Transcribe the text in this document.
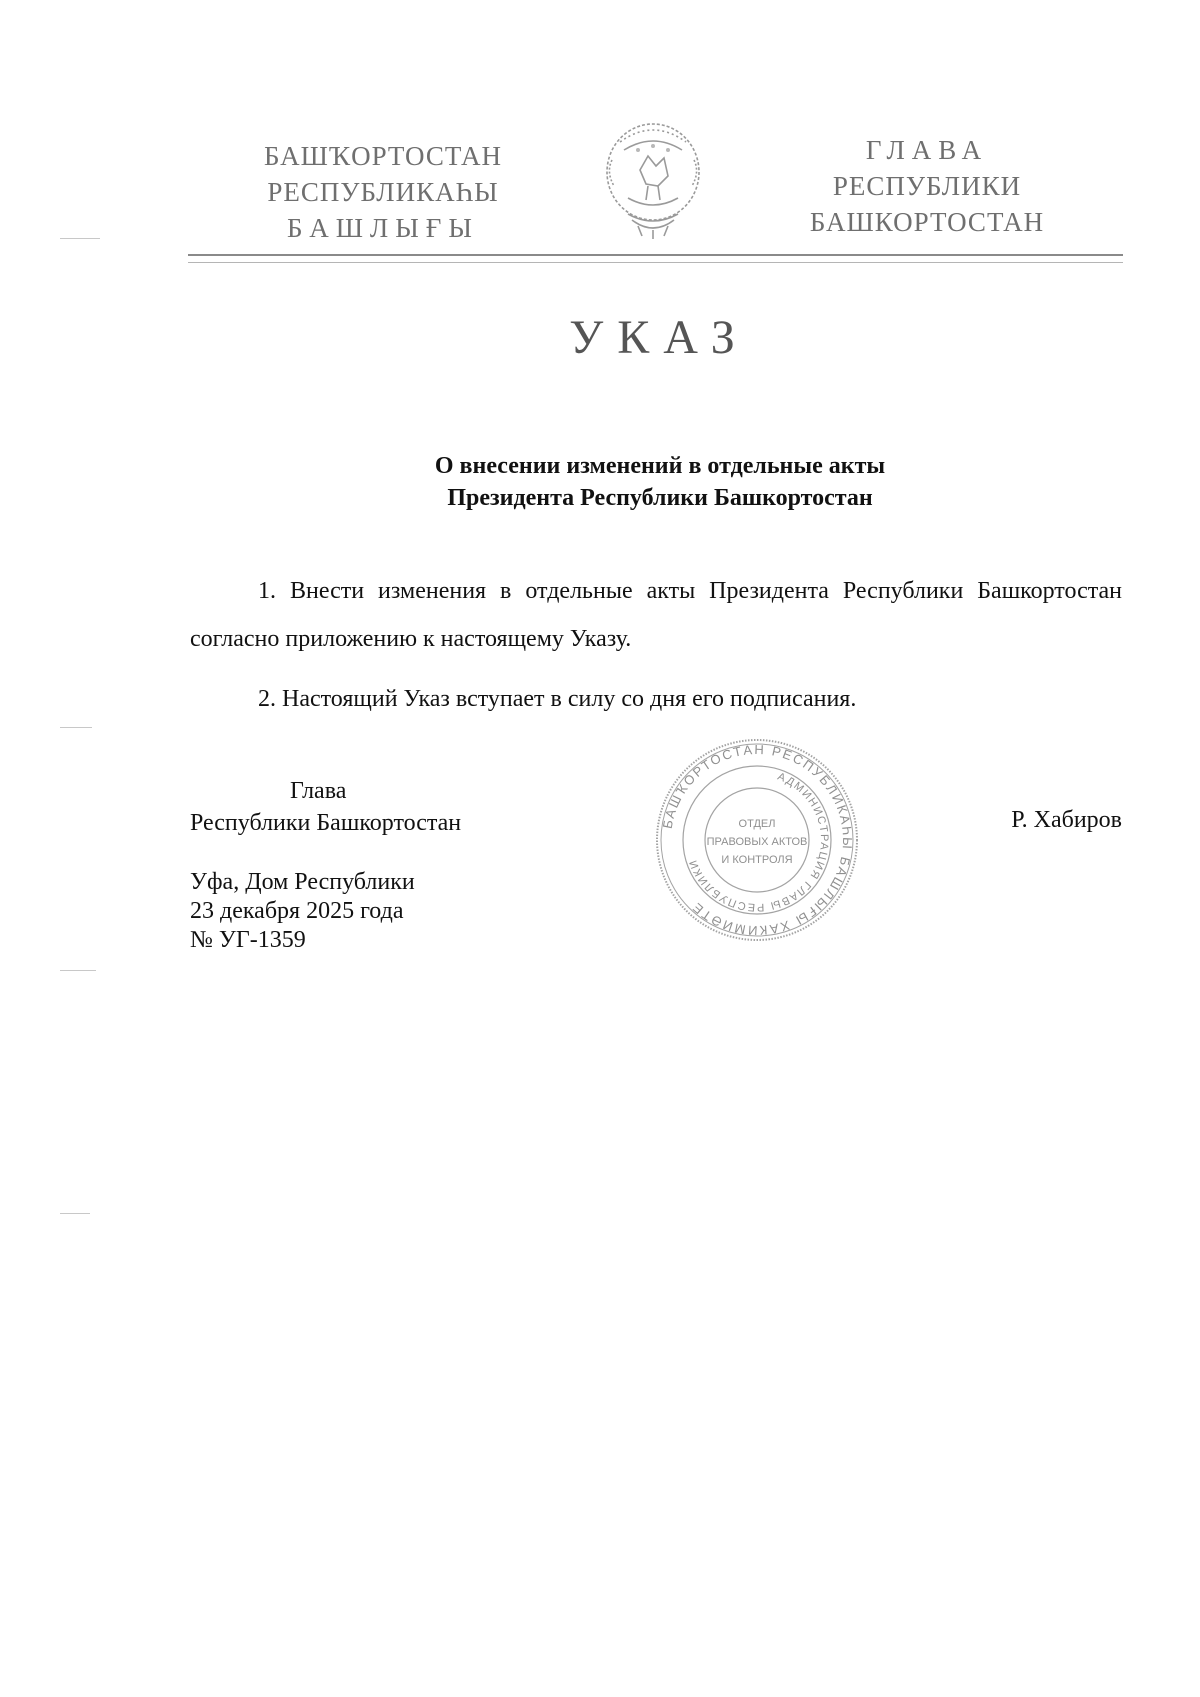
БАШҠОРТОСТАН
РЕСПУБЛИКАҺЫ
БАШЛЫҒЫ
ГЛАВА
РЕСПУБЛИКИ
БАШКОРТОСТАН
УКАЗ
О внесении изменений в отдельные акты
Президента Республики Башкортостан

1. Внести изменения в отдельные акты Президента Республики Башкортостан согласно приложению к настоящему Указу.

2. Настоящий Указ вступает в силу со дня его подписания.

Глава
Республики Башкортостан	БАШҠОРТОСТАН РЕСПУБЛИКАҺЫ БАШЛЫҒЫ ХАКИМИӘТЕ
АДМИНИСТРАЦИЯ ГЛАВЫ РЕСПУБЛИКИ
ОТДЕЛ
ПРАВОВЫХ АКТОВ
И КОНТРОЛЯ
Р. Хабиров
Уфа, Дом Республики
23 декабря 2025 года
№ УГ-1359
